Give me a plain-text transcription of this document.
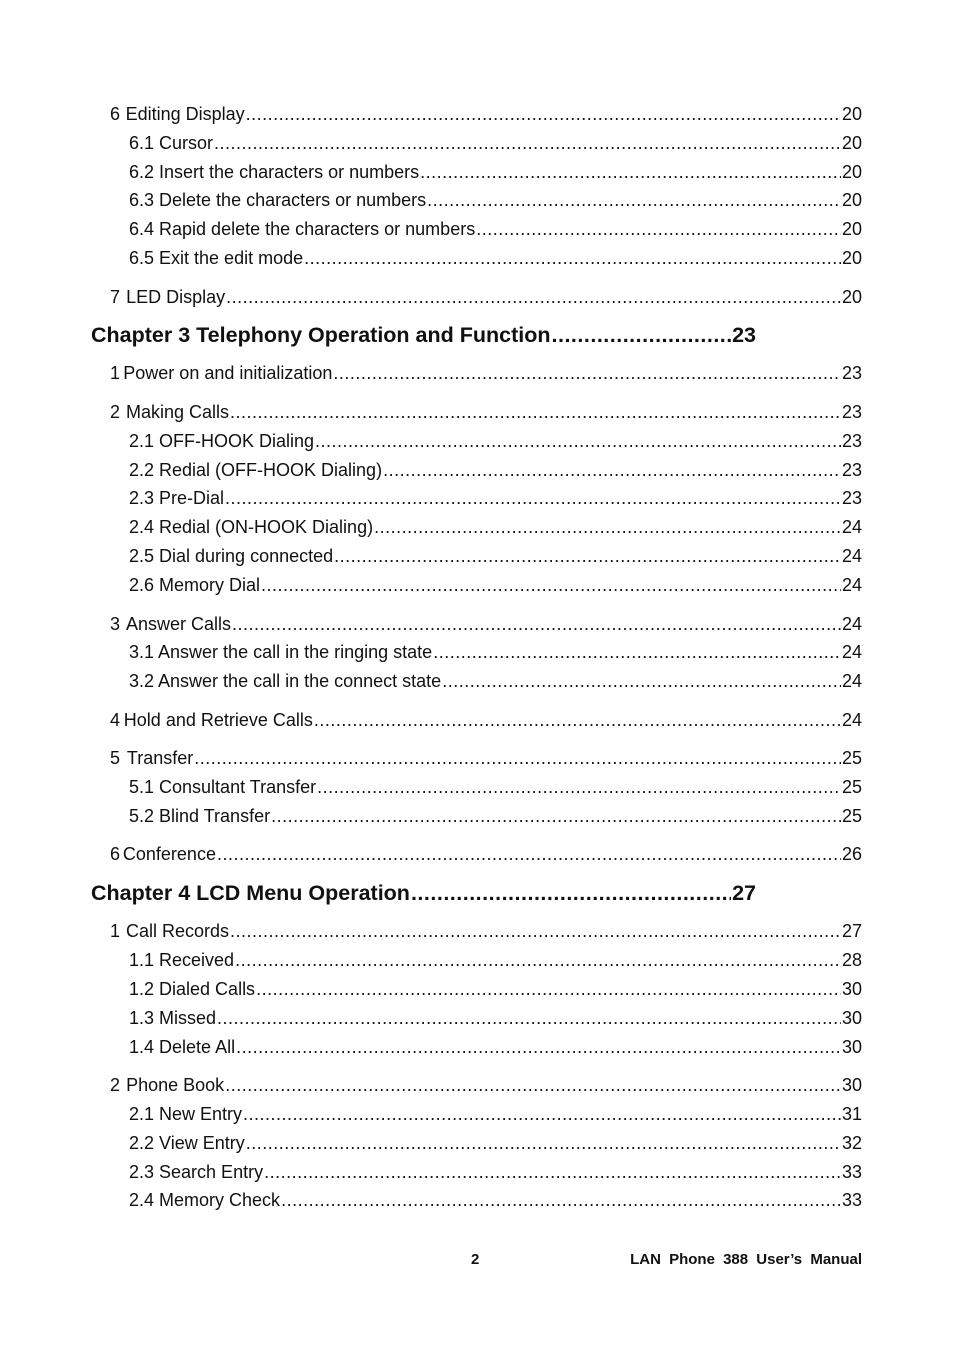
6 Editing Display .....	20
6.1 Cursor .....	20
6.2 Insert the characters or numbers .....	20
6.3 Delete the characters or numbers .....	20
6.4 Rapid delete the characters or numbers .....	20
6.5 Exit the edit mode .....	20
7 LED Display .....	20
Chapter 3 Telephony Operation and Function .....	23
1 Power on and initialization .....	23
2 Making Calls .....	23
2.1 OFF-HOOK Dialing .....	23
2.2 Redial (OFF-HOOK Dialing) .....	23
2.3 Pre-Dial .....	23
2.4 Redial (ON-HOOK Dialing) .....	24
2.5 Dial during connected .....	24
2.6 Memory Dial .....	24
3 Answer Calls .....	24
3.1 Answer the call in the ringing state .....	24
3.2 Answer the call in the connect state .....	24
4 Hold and Retrieve Calls .....	24
5 Transfer .....	25
5.1 Consultant Transfer .....	25
5.2 Blind Transfer .....	25
6 Conference .....	26
Chapter 4 LCD Menu Operation .....	27
1 Call Records .....	27
1.1 Received .....	28
1.2 Dialed Calls .....	30
1.3 Missed .....	30
1.4 Delete All .....	30
2 Phone Book .....	30
2.1 New Entry .....	31
2.2 View Entry .....	32
2.3 Search Entry .....	33
2.4 Memory Check .....	33
2	LAN Phone 388 User’s Manual
